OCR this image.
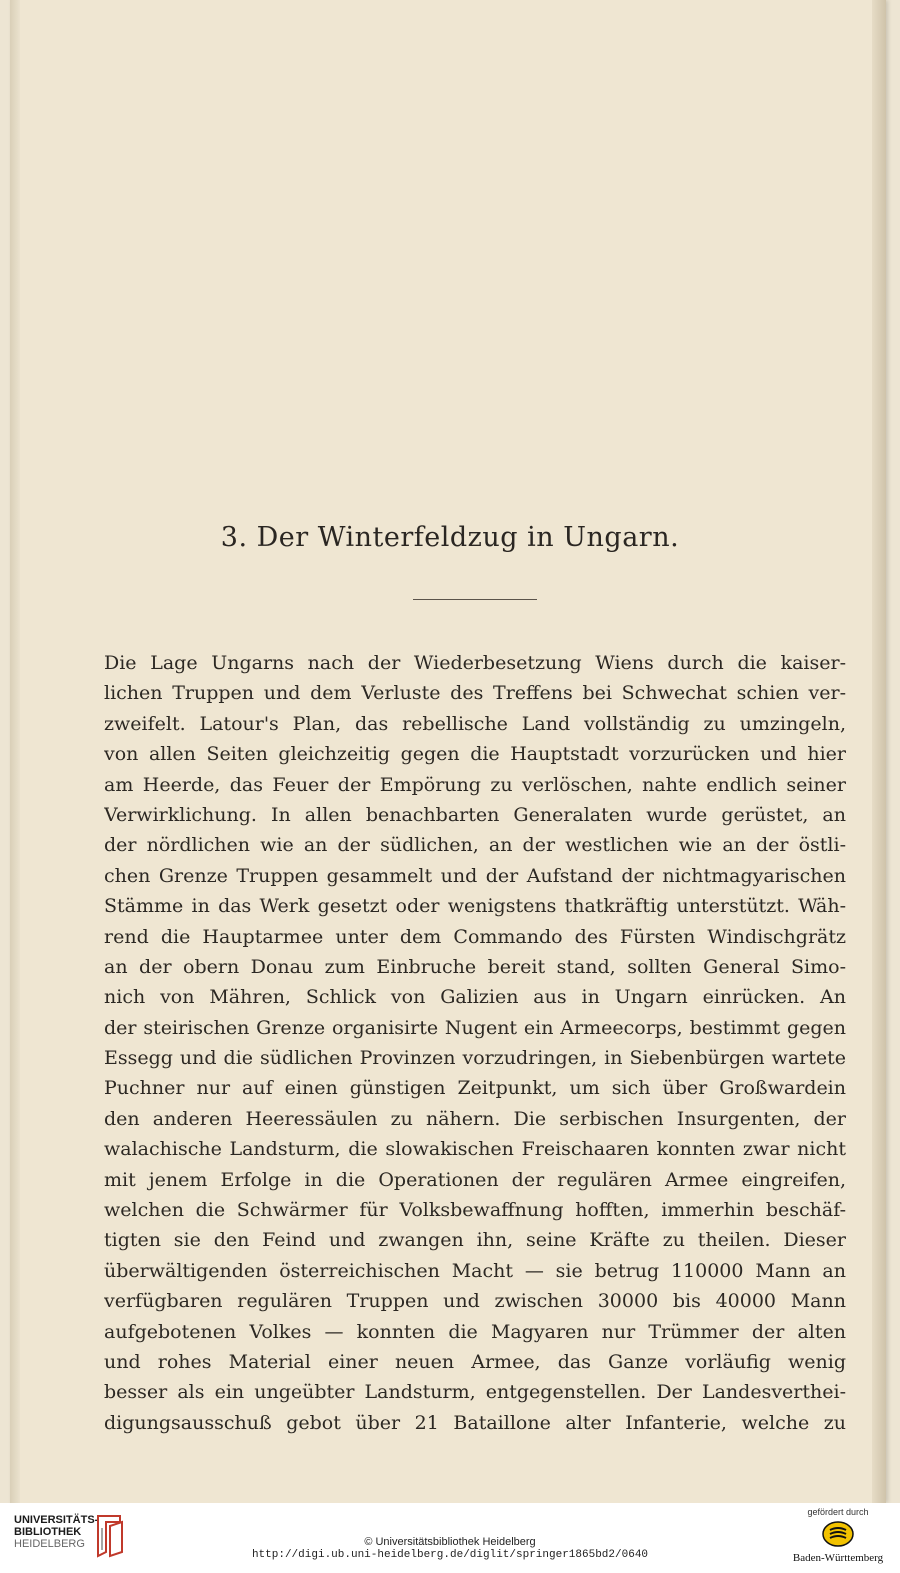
3. Der Winterfeldzug in Ungarn.
Die Lage Ungarns nach der Wiederbesetzung Wiens durch die kaiser-
lichen Truppen und dem Verluste des Treffens bei Schwechat schien ver-
zweifelt. Latour's Plan, das rebellische Land vollständig zu umzingeln,
von allen Seiten gleichzeitig gegen die Hauptstadt vorzurücken und hier
am Heerde, das Feuer der Empörung zu verlöschen, nahte endlich seiner
Verwirklichung. In allen benachbarten Generalaten wurde gerüstet, an
der nördlichen wie an der südlichen, an der westlichen wie an der östli-
chen Grenze Truppen gesammelt und der Aufstand der nichtmagyarischen
Stämme in das Werk gesetzt oder wenigstens thatkräftig unterstützt. Wäh-
rend die Hauptarmee unter dem Commando des Fürsten Windischgrätz
an der obern Donau zum Einbruche bereit stand, sollten General Simo-
nich von Mähren, Schlick von Galizien aus in Ungarn einrücken. An
der steirischen Grenze organisirte Nugent ein Armeecorps, bestimmt gegen
Essegg und die südlichen Provinzen vorzudringen, in Siebenbürgen wartete
Puchner nur auf einen günstigen Zeitpunkt, um sich über Großwardein
den anderen Heeressäulen zu nähern. Die serbischen Insurgenten, der
walachische Landsturm, die slowakischen Freischaaren konnten zwar nicht
mit jenem Erfolge in die Operationen der regulären Armee eingreifen,
welchen die Schwärmer für Volksbewaffnung hofften, immerhin beschäf-
tigten sie den Feind und zwangen ihn, seine Kräfte zu theilen. Dieser
überwältigenden österreichischen Macht — sie betrug 110000 Mann an
verfügbaren regulären Truppen und zwischen 30000 bis 40000 Mann
aufgebotenen Volkes — konnten die Magyaren nur Trümmer der alten
und rohes Material einer neuen Armee, das Ganze vorläufig wenig
besser als ein ungeübter Landsturm, entgegenstellen. Der Landesverthei-
digungsausschuß gebot über 21 Bataillone alter Infanterie, welche zu
UNIVERSITÄTS-
BIBLIOTHEK
HEIDELBERG	© Universitätsbibliothek Heidelberg
http://digi.ub.uni-heidelberg.de/diglit/springer1865bd2/0640
gefördert durch
Baden-Württemberg
